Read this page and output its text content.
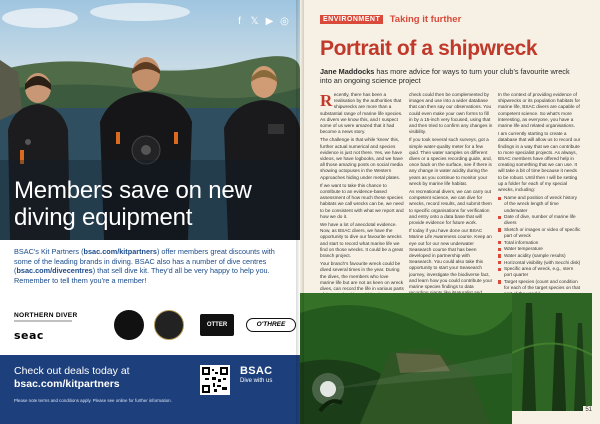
f 𝕏 ▶ ◎
Members save on new diving equipment
BSAC's Kit Partners (bsac.com/kitpartners) offer members great discounts with some of the leading brands in diving. BSAC also has a number of dive centres (bsac.com/divecentres) that sell dive kit. They'd all be very happy to help you. Remember to tell them you're a member!
NORTHERN DIVER
seac
OTTER	O'THREE
Check out deals today at
bsac.com/kitpartners
Please note terms and conditions apply. Please see online for further information.
BSAC
Dive with us
ENVIRONMENT Taking it further
Portrait of a shipwreck
Jane Maddocks has more advice for ways to turn your club's favourite wreck into an ongoing science project

Recently, there has been a realisation by the authorities that shipwrecks are more than a substantial range of marine life species. As divers we know this, and I suspect some of us were amazed that it had become a news story.

The challenge is that while 'knew' this, further actual numerical and species evidence is just not there. Yes, we have videos, we have logbooks, and we have all those amazing posts on social media showing octopuses in the Western Approaches hiding under metal plates.

If we want to take this chance to contribute to an evidence-based assessment of how much these species habitats we call wrecks can be, we need to be consistent with what we report and how we do it.

We have a lot of anecdotal evidence. Now, as BSAC divers, we have the opportunity to dive our favourite wrecks and start to record what marine life we find on those wrecks. It could be a great branch project.

Your branch's favourite wreck could be dived several times in the year. During the dives, the members who love marine life but are not as keen on wreck dives, can record the life in various parts

check could then be complemented by images and use into a wider database that can then say our observations. You could even make your own forms to fill in by a 15-inch very focused, using that and then tried to confirm any changes in visibility.

If you took several such surveys, got a simple water-quality meter for a few quid. Then water samples on different dives or a species recording guide, and, once back on the surface, see if there is any change in water acidity during the years as you continue to monitor your wreck by marine life habitat.

As recreational divers, we can carry out competent science, we can dive for wrecks, record results, and submit them to specific organisations for verification and entry onto a data base that will provide evidence for future work.

If today if you have done our BSAC Marine Life Awareness course. Keep an eye out for our new underwater Seasearch course that has been developed in partnership with Seasearch. You could also take this opportunity to start your Seasearch journey, investigate the biodiverse fact, and learn how you could contribute your marine species findings to data

In the context of providing evidence of shipwrecks or its population habitats for marine life, BSAC divers are capable of competent science. So what's more interesting, as everyone, you have a marine life and related organisations.

I am currently starting to create a database that will allow us to record our findings in a way that we can contribute to more specialist projects. As always, BSAC members have offered help in creating something that we can use. It will take a bit of time because it needs to be robust. Until then I will be setting up a folder for each of my special wrecks, including:

Name and position of wreck history of the wreck length of time underwater
Date of dive, number of marine life divers
Sketch or images or video of specific part of wreck
Total information
Water temperature
Water acidity (sample results)
Horizontal visibility (with Secchi disk)
Specific area of wreck, e.g., stern port quarter
Target species (count and condition for each of the target species on that

51
